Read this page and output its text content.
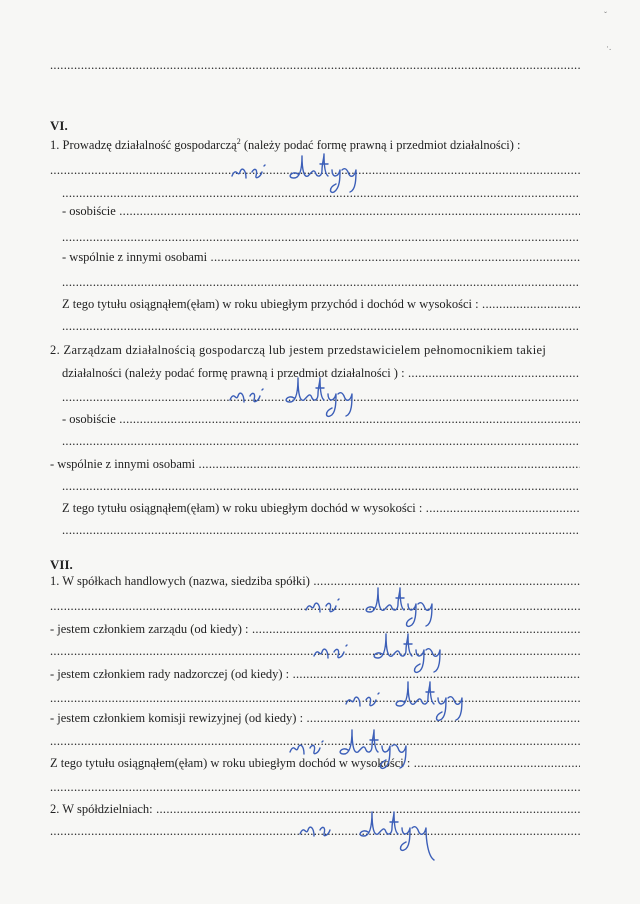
.....
ˇ
·.
VI.
1. Prowadzę działalność gospodarczą$^2$ (należy podać formę prawną i przedmiot działalności) :
.....
.....
- osobiście .....
.....
- wspólnie z innymi osobami .....
.....
Z tego tytułu osiągnąłem(ęłam) w roku ubiegłym przychód i dochód w wysokości : .....
.....
2. Zarządzam działalnością gospodarczą lub jestem przedstawicielem pełnomocnikiem takiej
działalności (należy podać formę prawną i przedmiot działalności ) : .....
.....
- osobiście .....
.....
- wspólnie z innymi osobami .....
.....
Z tego tytułu osiągnąłem(ęłam) w roku ubiegłym dochód w wysokości : .....
.....
VII.
1. W spółkach handlowych (nazwa, siedziba spółki) .....
.....
- jestem członkiem zarządu (od kiedy) : .....
.....
- jestem członkiem rady nadzorczej (od kiedy) : .....
.....
- jestem członkiem komisji rewizyjnej (od kiedy) : .....
.....
Z tego tytułu osiągnąłem(ęłam) w roku ubiegłym dochód w wysokości : .....
.....
2. W spółdzielniach: .....
.....
